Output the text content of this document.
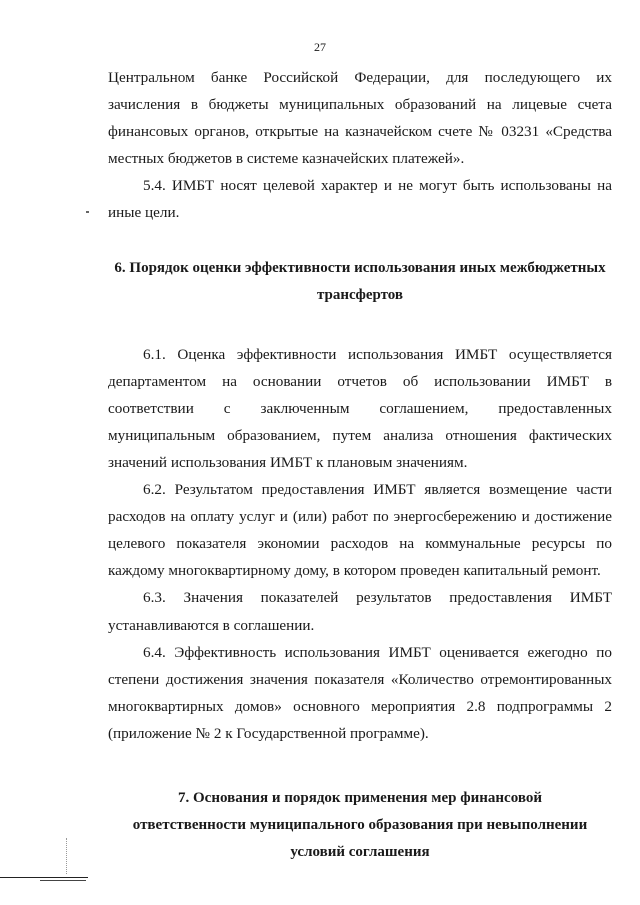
27

Центральном банке Российской Федерации, для последующего их зачисления в бюджеты муниципальных образований на лицевые счета финансовых органов, открытые на казначейском счете № 03231 «Средства местных бюджетов в системе казначейских платежей».

5.4. ИМБТ носят целевой характер и не могут быть использованы на иные цели.

6. Порядок оценки эффективности использования иных межбюджетных
трансфертов

6.1. Оценка эффективности использования ИМБТ осуществляется департаментом на основании отчетов об использовании ИМБТ в соответствии с заключенным соглашением, предоставленных муниципальным образованием, путем анализа отношения фактических значений использования ИМБТ к плановым значениям.

6.2. Результатом предоставления ИМБТ является возмещение части расходов на оплату услуг и (или) работ по энергосбережению и достижение целевого показателя экономии расходов на коммунальные ресурсы по каждому многоквартирному дому, в котором проведен капитальный ремонт.

6.3. Значения показателей результатов предоставления ИМБТ устанавливаются в соглашении.

6.4. Эффективность использования ИМБТ оценивается ежегодно по степени достижения значения показателя «Количество отремонтированных многоквартирных домов» основного мероприятия 2.8 подпрограммы 2 (приложение № 2 к Государственной программе).

7. Основания и порядок применения мер финансовой
ответственности муниципального образования при невыполнении
условий соглашения
